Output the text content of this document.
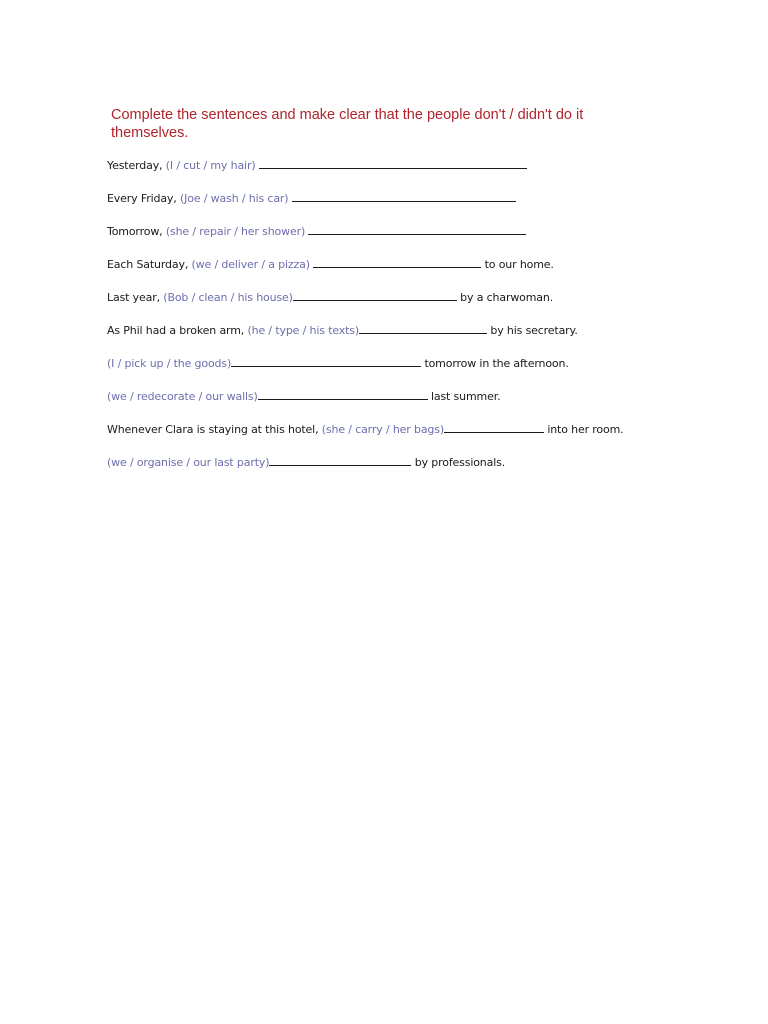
Complete the sentences and make clear that the people don't / didn't do it themselves.

Yesterday, (I / cut / my hair)
Every Friday, (Joe / wash / his car)
Tomorrow, (she / repair / her shower)
Each Saturday, (we / deliver / a pizza)	to our home.
Last year, (Bob / clean / his house)	by a charwoman.
As Phil had a broken arm, (he / type / his texts)	by his secretary.
(I / pick up / the goods)	tomorrow in the afternoon.
(we / redecorate / our walls)	last summer.
Whenever Clara is staying at this hotel, (she / carry / her bags)	into her room.
(we / organise / our last party)	by professionals.
